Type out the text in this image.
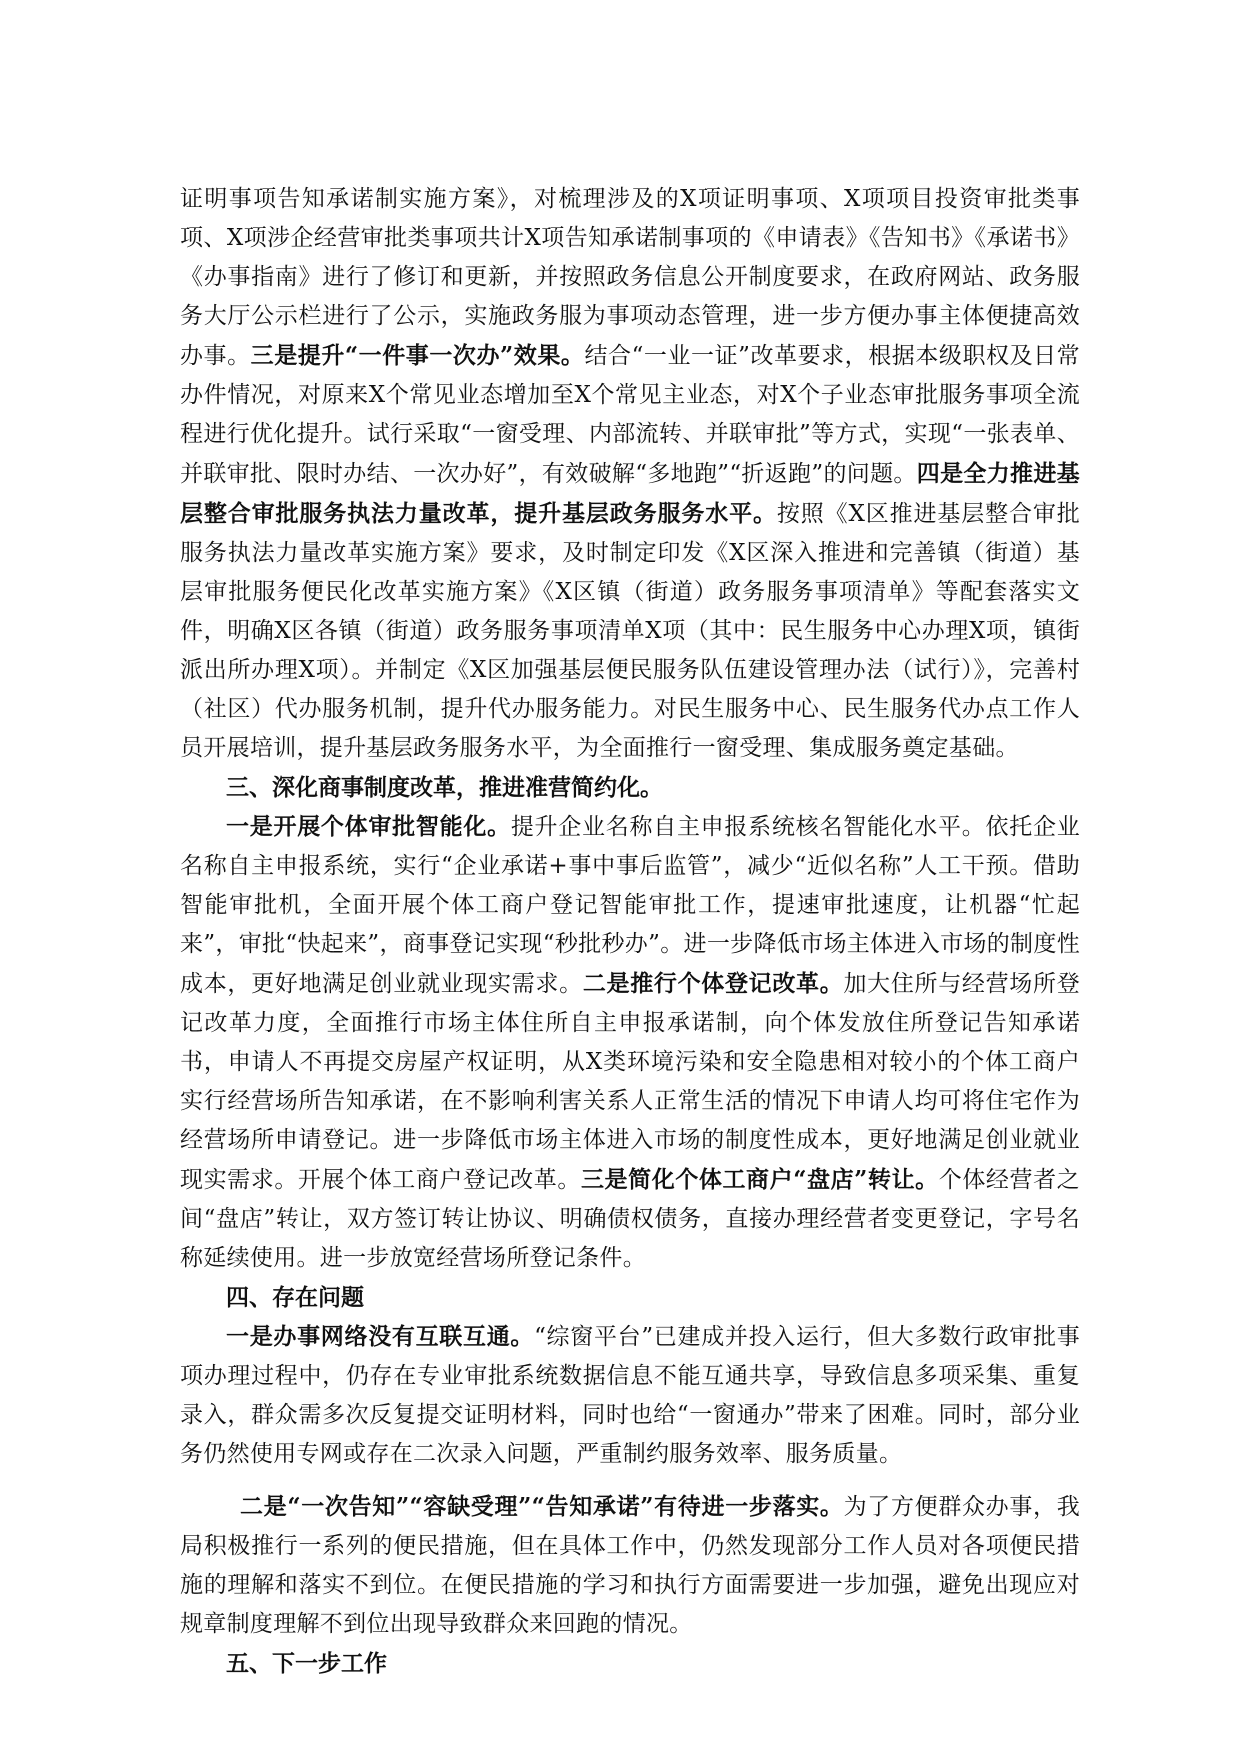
证明事项告知承诺制实施方案》，对梳理涉及的X项证明事项、X项项目投资审批类事项、X项涉企经营审批类事项共计X项告知承诺制事项的《申请表》《告知书》《承诺书》《办事指南》进行了修订和更新，并按照政务信息公开制度要求，在政府网站、政务服务大厅公示栏进行了公示，实施政务服为事项动态管理，进一步方便办事主体便捷高效办事。三是提升“一件事一次办”效果。结合“一业一证”改革要求，根据本级职权及日常办件情况，对原来X个常见业态增加至X个常见主业态，对X个子业态审批服务事项全流程进行优化提升。试行采取“一窗受理、内部流转、并联审批”等方式，实现“一张表单、并联审批、限时办结、一次办好”，有效破解“多地跑”“折返跑”的问题。四是全力推进基层整合审批服务执法力量改革，提升基层政务服务水平。按照《X区推进基层整合审批服务执法力量改革实施方案》要求，及时制定印发《X区深入推进和完善镇（街道）基层审批服务便民化改革实施方案》《X区镇（街道）政务服务事项清单》等配套落实文件，明确X区各镇（街道）政务服务事项清单X项（其中：民生服务中心办理X项，镇街派出所办理X项）。并制定《X区加强基层便民服务队伍建设管理办法（试行）》，完善村（社区）代办服务机制，提升代办服务能力。对民生服务中心、民生服务代办点工作人员开展培训，提升基层政务服务水平，为全面推行一窗受理、集成服务奠定基础。

三、深化商事制度改革，推进准营简约化。

一是开展个体审批智能化。提升企业名称自主申报系统核名智能化水平。依托企业名称自主申报系统，实行“企业承诺+事中事后监管”，减少“近似名称”人工干预。借助智能审批机，全面开展个体工商户登记智能审批工作，提速审批速度，让机器“忙起来”，审批“快起来”，商事登记实现“秒批秒办”。进一步降低市场主体进入市场的制度性成本，更好地满足创业就业现实需求。二是推行个体登记改革。加大住所与经营场所登记改革力度，全面推行市场主体住所自主申报承诺制，向个体发放住所登记告知承诺书，申请人不再提交房屋产权证明，从X类环境污染和安全隐患相对较小的个体工商户实行经营场所告知承诺，在不影响利害关系人正常生活的情况下申请人均可将住宅作为经营场所申请登记。进一步降低市场主体进入市场的制度性成本，更好地满足创业就业现实需求。开展个体工商户登记改革。三是简化个体工商户“盘店”转让。个体经营者之间“盘店”转让，双方签订转让协议、明确债权债务，直接办理经营者变更登记，字号名称延续使用。进一步放宽经营场所登记条件。

四、存在问题

一是办事网络没有互联互通。“综窗平台”已建成并投入运行，但大多数行政审批事项办理过程中，仍存在专业审批系统数据信息不能互通共享，导致信息多项采集、重复录入，群众需多次反复提交证明材料，同时也给“一窗通办”带来了困难。同时，部分业务仍然使用专网或存在二次录入问题，严重制约服务效率、服务质量。

二是“一次告知”“容缺受理”“告知承诺”有待进一步落实。为了方便群众办事，我局积极推行一系列的便民措施，但在具体工作中，仍然发现部分工作人员对各项便民措施的理解和落实不到位。在便民措施的学习和执行方面需要进一步加强，避免出现应对规章制度理解不到位出现导致群众来回跑的情况。

五、下一步工作
